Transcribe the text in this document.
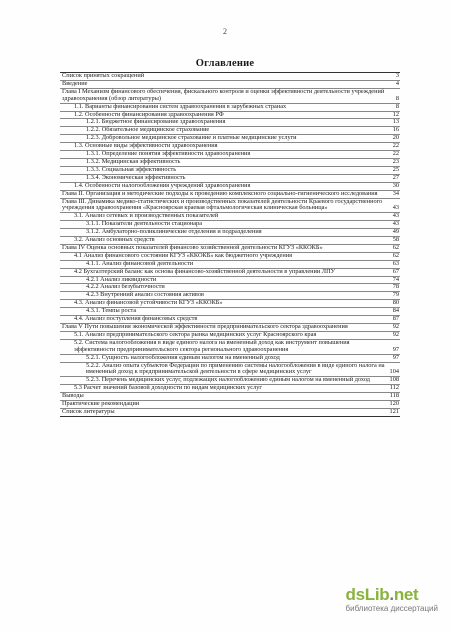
2
Оглавление
Список принятых сокращений	3
Введение	4
Глава I Механизм финансового обеспечения, фискального контроля и оценки эффективности деятельности учреждений здравоохранения (обзор литературы)	8
1.1. Варианты финансирования систем здравоохранения в зарубежных странах	8
1.2. Особенности финансирования здравоохранения РФ	12
1.2.1. Бюджетное финансирование здравоохранения	13
1.2.2. Обязательное медицинское страхование	16
1.2.3. Добровольное медицинское страхование и платные медицинские услуги	20
1.3. Основные виды эффективности здравоохранения	22
1.3.1. Определение понятия эффективности здравоохранения	22
1.3.2. Медицинская эффективность	23
1.3.3. Социальная эффективность	25
1.3.4. Экономическая эффективность	27
1.4. Особенности налогообложения учреждений здравоохранения	30
Глава II. Организация и методические подходы к проведению комплексного социально-гигиенического исследования 34
Глава III. Динамика медико-статистических и производственных показателей деятельности Краевого государственного учреждения здравоохранения «Красноярская краевая офтальмологическая клиническая больница»	43
3.1. Анализ сетевых и производственных показателей	43
3.1.1. Показатели деятельности стационара	43
3.1.2. Амбулаторно-поликлинические отделения и подразделения	49
3.2. Анализ основных средств	58
Глава IV Оценка основных показателей финансово хозяйственной деятельности КГУЗ «ККОКБ»	62
4.1 Анализ финансового состояния КГУЗ «ККОКБ» как бюджетного учреждения	62
4.1.1. Анализ финансовой деятельности	63
4.2 Бухгалтерский баланс как основа финансово-хозяйственной деятельности в управлении ЛПУ	67
4.2.1 Анализ ликвидности	74
4.2.2 Анализ безубыточности	78
4.2.3 Внутренний анализ состояния активов	79
4.3. Анализ финансовой устойчивости КГУЗ «ККОКБ»	80
4.3.1. Темпы роста	84
4.4. Анализ поступления финансовых средств	87
Глава V Пути повышения экономической эффективности предпринимательского сектора здравоохранения	92
5.1. Анализ предпринимательского сектора рынка медицинских услуг Красноярского края	92
5.2. Система налогообложения в виде единого налога на вмененный доход как инструмент повышения эффективности предпринимательского сектора регионального здравоохранения	97
5.2.1. Сущность налогообложения единым налогом на вмененный доход	97
5.2.2. Анализ опыта субъектов Федерации по применению системы налогообложения в виде единого налога на вмененный доход к предпринимательской деятельности в сфере медицинских услуг	104
5.2.3. Перечень медицинских услуг, подлежащих налогообложению единым налогом на вмененный доход	108
5.3 Расчет значений базовой доходности по видам медицинских услуг	112
Выводы	118
Практические рекомендации	120
Список литературы	121
dsLib.net
библиотека диссертаций
